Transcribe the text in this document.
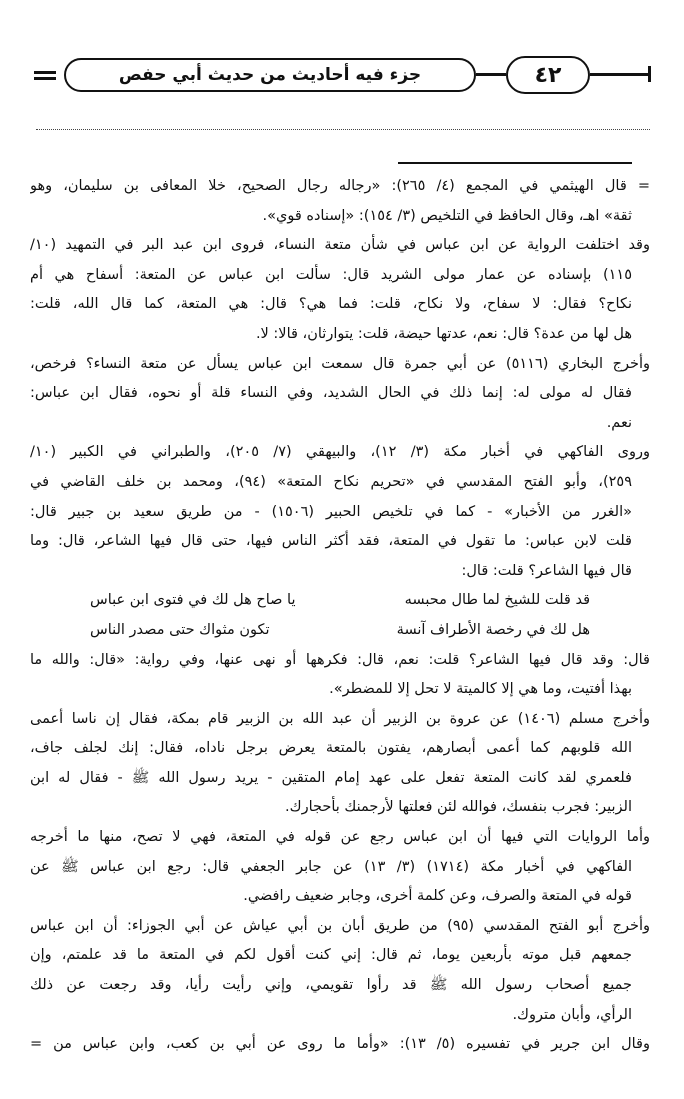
جزء فيه أحاديث من حديث أبي حفص	٤٢
= قال الهيثمي في المجمع (٤/ ٢٦٥): «رجاله رجال الصحيح، خلا المعافى بن سليمان، وهو
ثقة» اهـ، وقال الحافظ في التلخيص (٣/ ١٥٤): «إسناده قوي».
وقد اختلفت الرواية عن ابن عباس في شأن متعة النساء، فروى ابن عبد البر في التمهيد (١٠/
١١٥) بإسناده عن عمار مولى الشريد قال: سألت ابن عباس عن المتعة: أسفاح هي أم
نكاح؟ فقال: لا سفاح، ولا نكاح، قلت: فما هي؟ قال: هي المتعة، كما قال الله، قلت:
هل لها من عدة؟ قال: نعم، عدتها حيضة، قلت: يتوارثان، قالا: لا.
وأخرج البخاري (٥١١٦) عن أبي جمرة قال سمعت ابن عباس يسأل عن متعة النساء؟ فرخص،
فقال له مولى له: إنما ذلك في الحال الشديد، وفي النساء قلة أو نحوه، فقال ابن عباس:
نعم.
وروى الفاكهي في أخبار مكة (٣/ ١٢)، والبيهقي (٧/ ٢٠٥)، والطبراني في الكبير (١٠/
٢٥٩)، وأبو الفتح المقدسي في «تحريم نكاح المتعة» (٩٤)، ومحمد بن خلف القاضي في
«الغرر من الأخبار» - كما في تلخيص الحبير (١٥٠٦) - من طريق سعيد بن جبير قال:
قلت لابن عباس: ما تقول في المتعة، فقد أكثر الناس فيها، حتى قال فيها الشاعر، قال: وما
قال فيها الشاعر؟ قلت: قال:
قد قلت للشيخ لما طال محبسه
يا صاح هل لك في فتوى ابن عباس
هل لك في رخصة الأطراف آنسة
تكون مثواك حتى مصدر الناس
قال: وقد قال فيها الشاعر؟ قلت: نعم، قال: فكرهها أو نهى عنها، وفي رواية: «قال: والله ما
بهذا أفتيت، وما هي إلا كالميتة لا تحل إلا للمضطر».
وأخرج مسلم (١٤٠٦) عن عروة بن الزبير أن عبد الله بن الزبير قام بمكة، فقال إن ناسا أعمى
الله قلوبهم كما أعمى أبصارهم، يفتون بالمتعة يعرض برجل ناداه، فقال: إنك لجلف جاف،
فلعمري لقد كانت المتعة تفعل على عهد إمام المتقين - يريد رسول الله ﷺ - فقال له ابن
الزبير: فجرب بنفسك، فوالله لئن فعلتها لأرجمنك بأحجارك.
وأما الروايات التي فيها أن ابن عباس رجع عن قوله في المتعة، فهي لا تصح، منها ما أخرجه
الفاكهي في أخبار مكة (١٧١٤) (٣/ ١٣) عن جابر الجعفي قال: رجع ابن عباس ﷺ عن
قوله في المتعة والصرف، وعن كلمة أخرى، وجابر ضعيف رافضي.
وأخرج أبو الفتح المقدسي (٩٥) من طريق أبان بن أبي عياش عن أبي الجوزاء: أن ابن عباس
جمعهم قبل موته بأربعين يوما، ثم قال: إني كنت أقول لكم في المتعة ما قد علمتم، وإن
جميع أصحاب رسول الله ﷺ قد رأوا تقويمي، وإني رأيت رأيا، وقد رجعت عن ذلك
الرأي، وأبان متروك.
وقال ابن جرير في تفسيره (٥/ ١٣): «وأما ما روى عن أبي بن كعب، وابن عباس من =
